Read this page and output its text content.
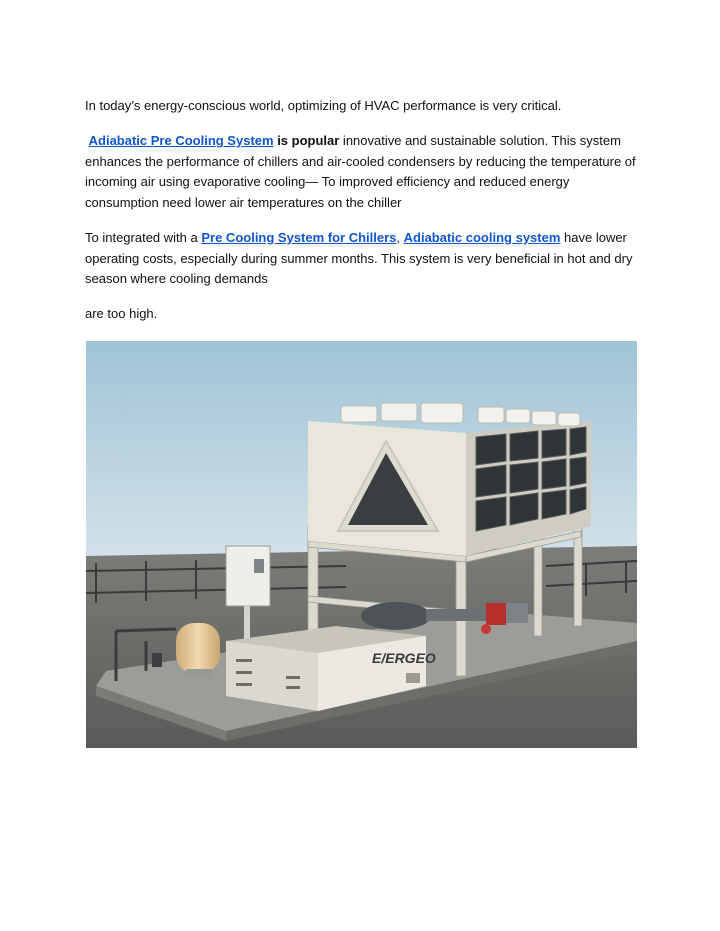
In today’s energy-conscious world, optimizing of HVAC performance is very critical.

Adiabatic Pre Cooling System is popular innovative and sustainable solution. This system enhances the performance of chillers and air-cooled condensers by reducing the temperature of incoming air using evaporative cooling— To improved efficiency and reduced energy consumption need lower air temperatures on the chiller

To integrated with a Pre Cooling System for Chillers, Adiabatic cooling system have lower operating costs, especially during summer months. This system is very beneficial in hot and dry season where cooling demands

are too high.

E/ERGEO
